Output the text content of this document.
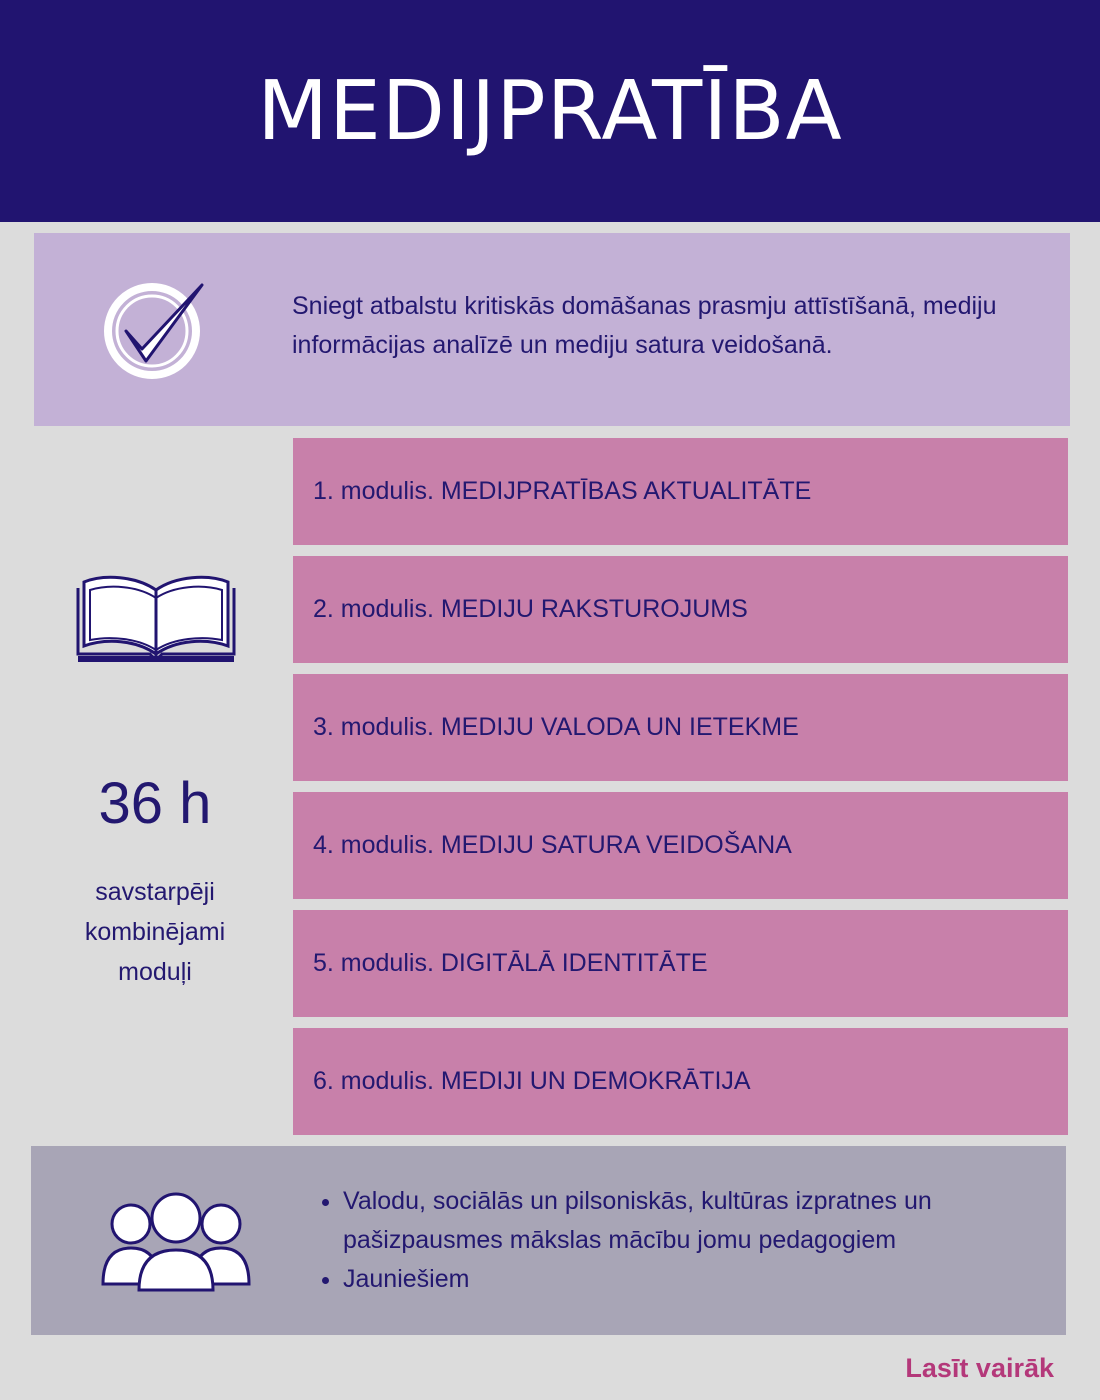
MEDIJPRATĪBA
Sniegt atbalstu kritiskās domāšanas prasmju attīstīšanā, mediju informācijas analīzē un mediju satura veidošanā.
36 h
savstarpēji
kombinējami
moduļi
1. modulis. MEDIJPRATĪBAS AKTUALITĀTE
2. modulis. MEDIJU RAKSTUROJUMS
3. modulis. MEDIJU VALODA UN IETEKME
4. modulis. MEDIJU SATURA VEIDOŠANA
5. modulis. DIGITĀLĀ IDENTITĀTE
6. modulis. MEDIJI UN DEMOKRĀTIJA
• Valodu, sociālās un pilsoniskās, kultūras izpratnes un pašizpausmes mākslas mācību jomu pedagogiem
• Jauniešiem
Lasīt vairāk
